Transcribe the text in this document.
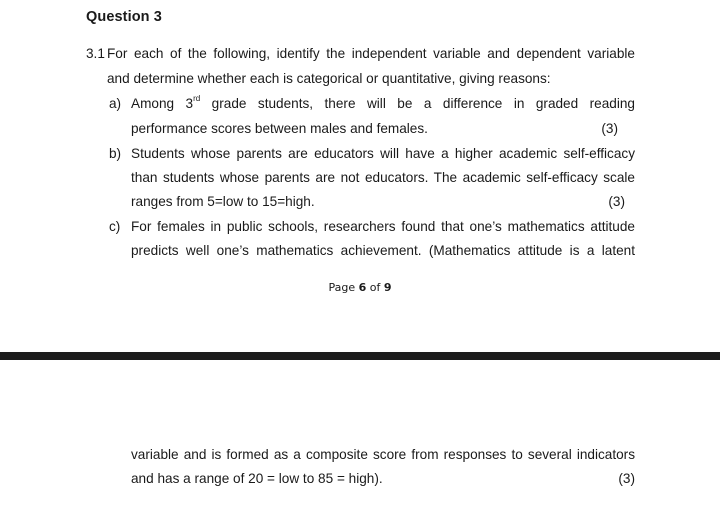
Question 3
3.1 For each of the following, identify the independent variable and dependent variable
and determine whether each is categorical or quantitative, giving reasons:
a) Among 3rd grade students, there will be a difference in graded reading
performance scores between males and females.	(3)
b) Students whose parents are educators will have a higher academic self-efficacy
than students whose parents are not educators. The academic self-efficacy scale
ranges from 5=low to 15=high.	(3)
c) For females in public schools, researchers found that one’s mathematics attitude
predicts well one’s mathematics achievement. (Mathematics attitude is a latent
Page 6 of 9
variable and is formed as a composite score from responses to several indicators
and has a range of 20 = low to 85 = high).	(3)
